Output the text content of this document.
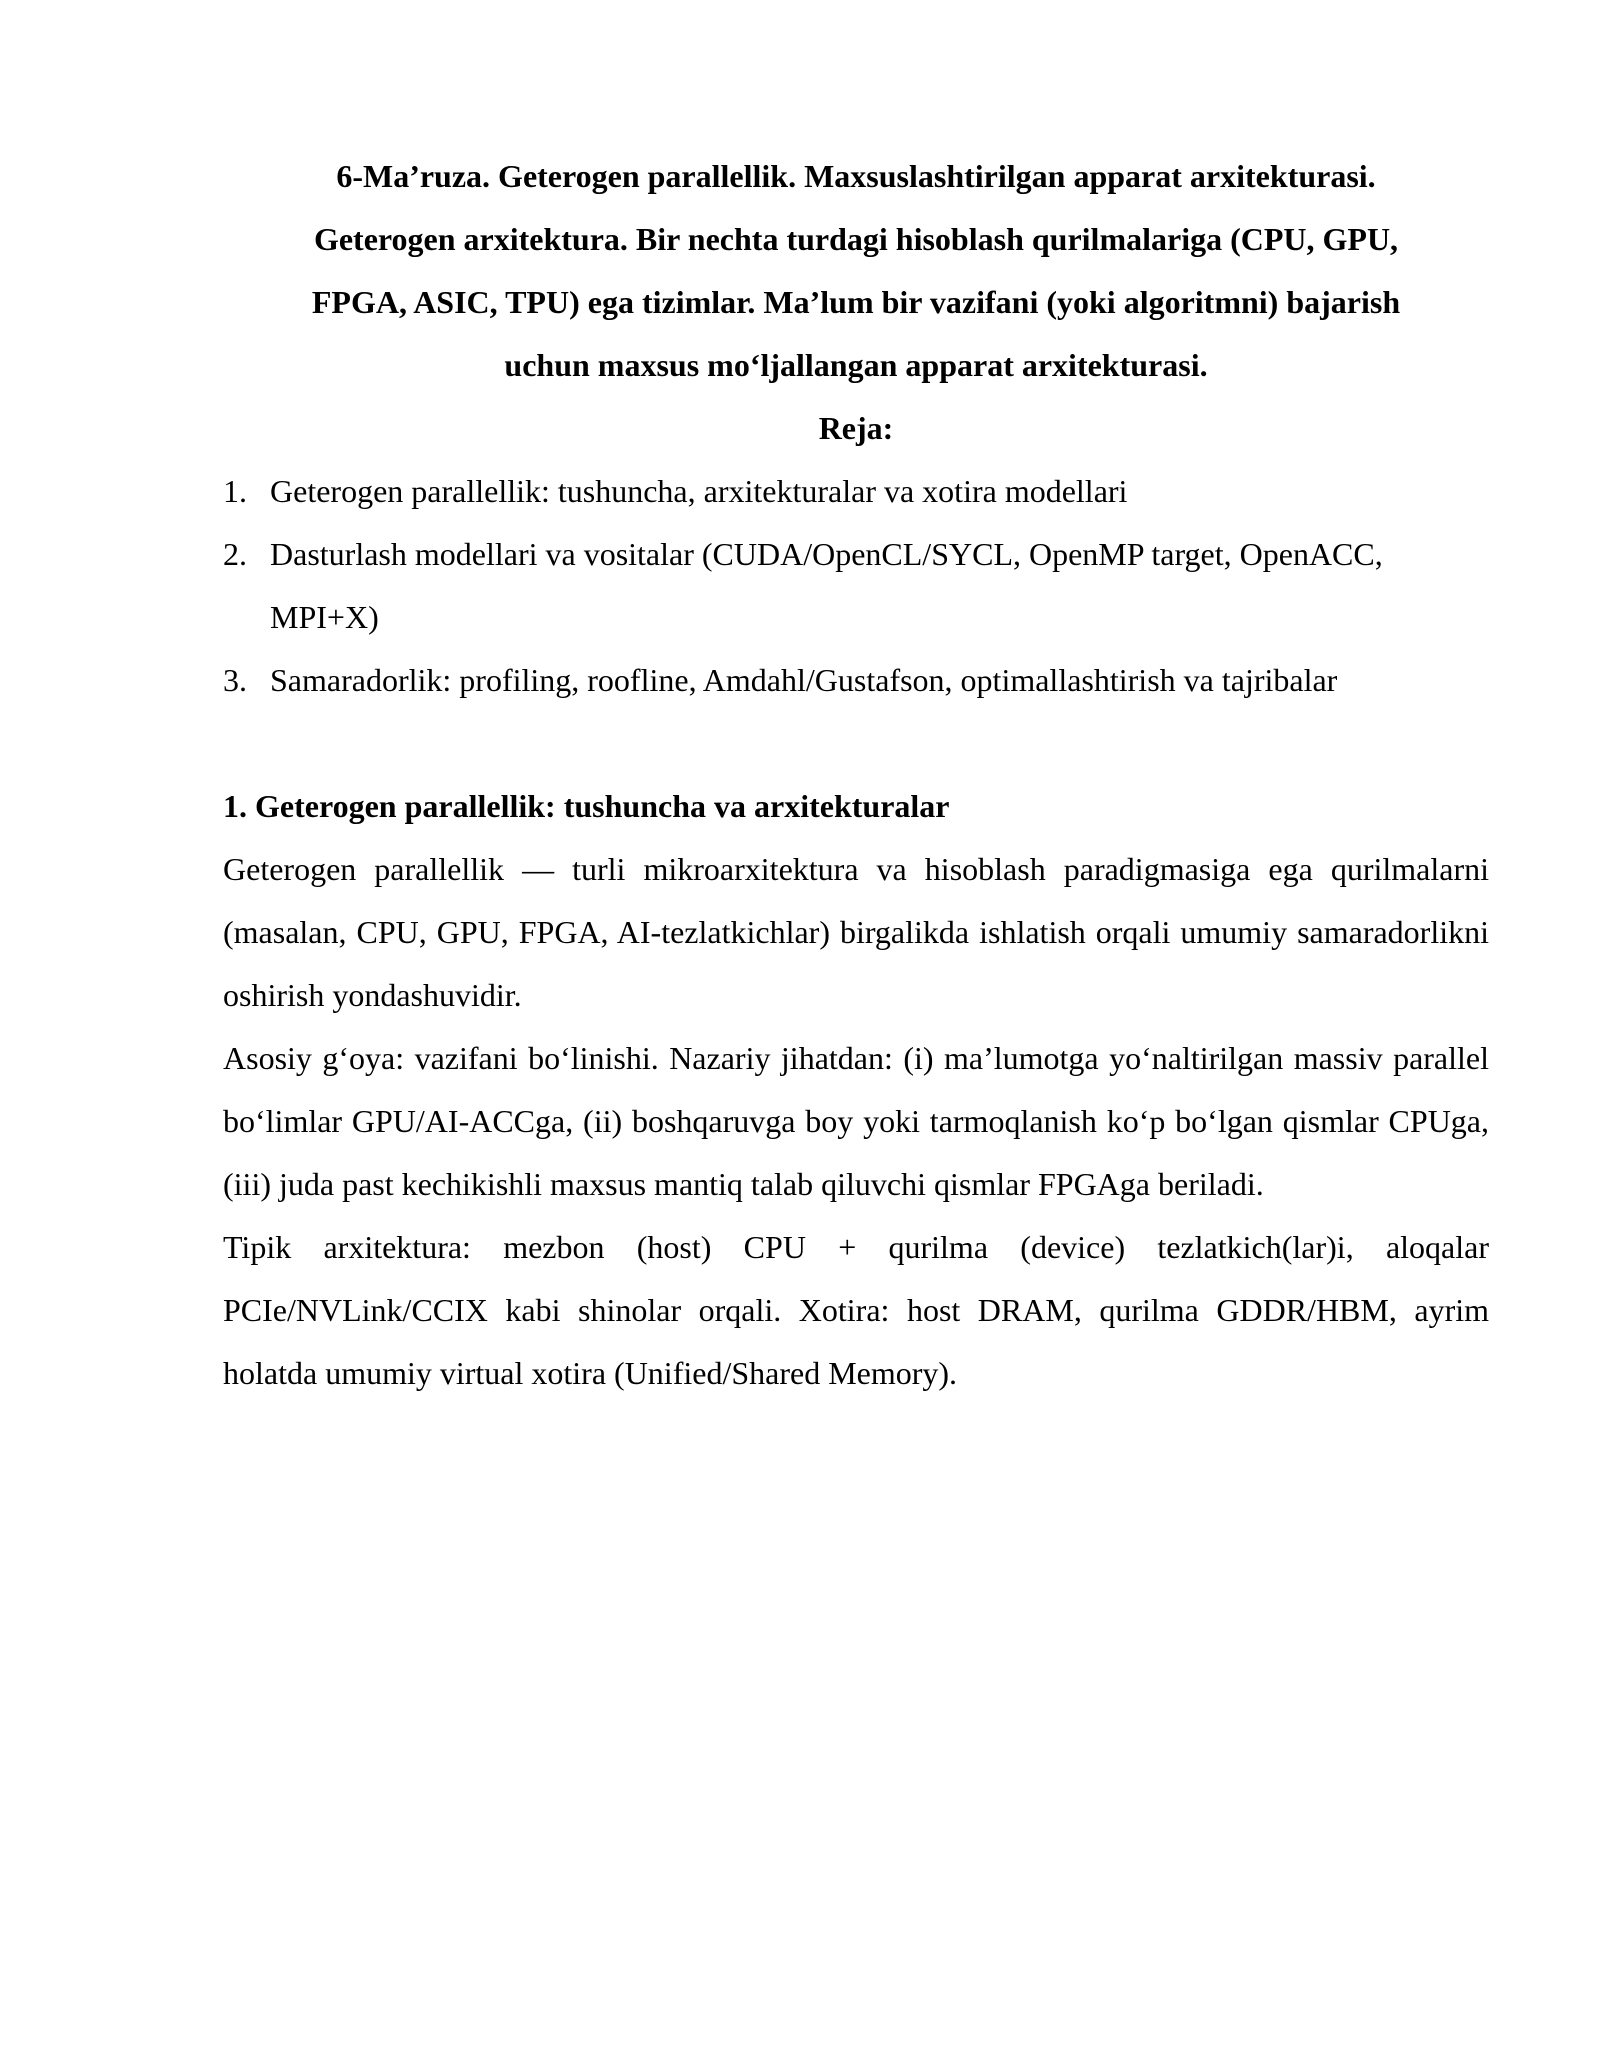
6-Ma’ruza. Geterogen parallellik. Maxsuslashtirilgan apparat arxitekturasi.
Geterogen arxitektura. Bir nechta turdagi hisoblash qurilmalariga (CPU, GPU,
FPGA, ASIC, TPU) ega tizimlar. Ma’lum bir vazifani (yoki algoritmni) bajarish
uchun maxsus mo‘ljallangan apparat arxitekturasi.
Reja:
1. Geterogen parallellik: tushuncha, arxitekturalar va xotira modellari
2. Dasturlash modellari va vositalar (CUDA/OpenCL/SYCL, OpenMP target, OpenACC, MPI+X)
3. Samaradorlik: profiling, roofline, Amdahl/Gustafson, optimallashtirish va tajribalar
1. Geterogen parallellik: tushuncha va arxitekturalar

Geterogen parallellik — turli mikroarxitektura va hisoblash paradigmasiga ega qurilmalarni (masalan, CPU, GPU, FPGA, AI-tezlatkichlar) birgalikda ishlatish orqali umumiy samaradorlikni oshirish yondashuvidir.

Asosiy g‘oya: vazifani bo‘linishi. Nazariy jihatdan: (i) ma’lumotga yo‘naltirilgan massiv parallel bo‘limlar GPU/AI-ACCga, (ii) boshqaruvga boy yoki tarmoqlanish ko‘p bo‘lgan qismlar CPUga, (iii) juda past kechikishli maxsus mantiq talab qiluvchi qismlar FPGAga beriladi.

Tipik arxitektura: mezbon (host) CPU + qurilma (device) tezlatkich(lar)i, aloqalar PCIe/NVLink/CCIX kabi shinolar orqali. Xotira: host DRAM, qurilma GDDR/HBM, ayrim holatda umumiy virtual xotira (Unified/Shared Memory).
